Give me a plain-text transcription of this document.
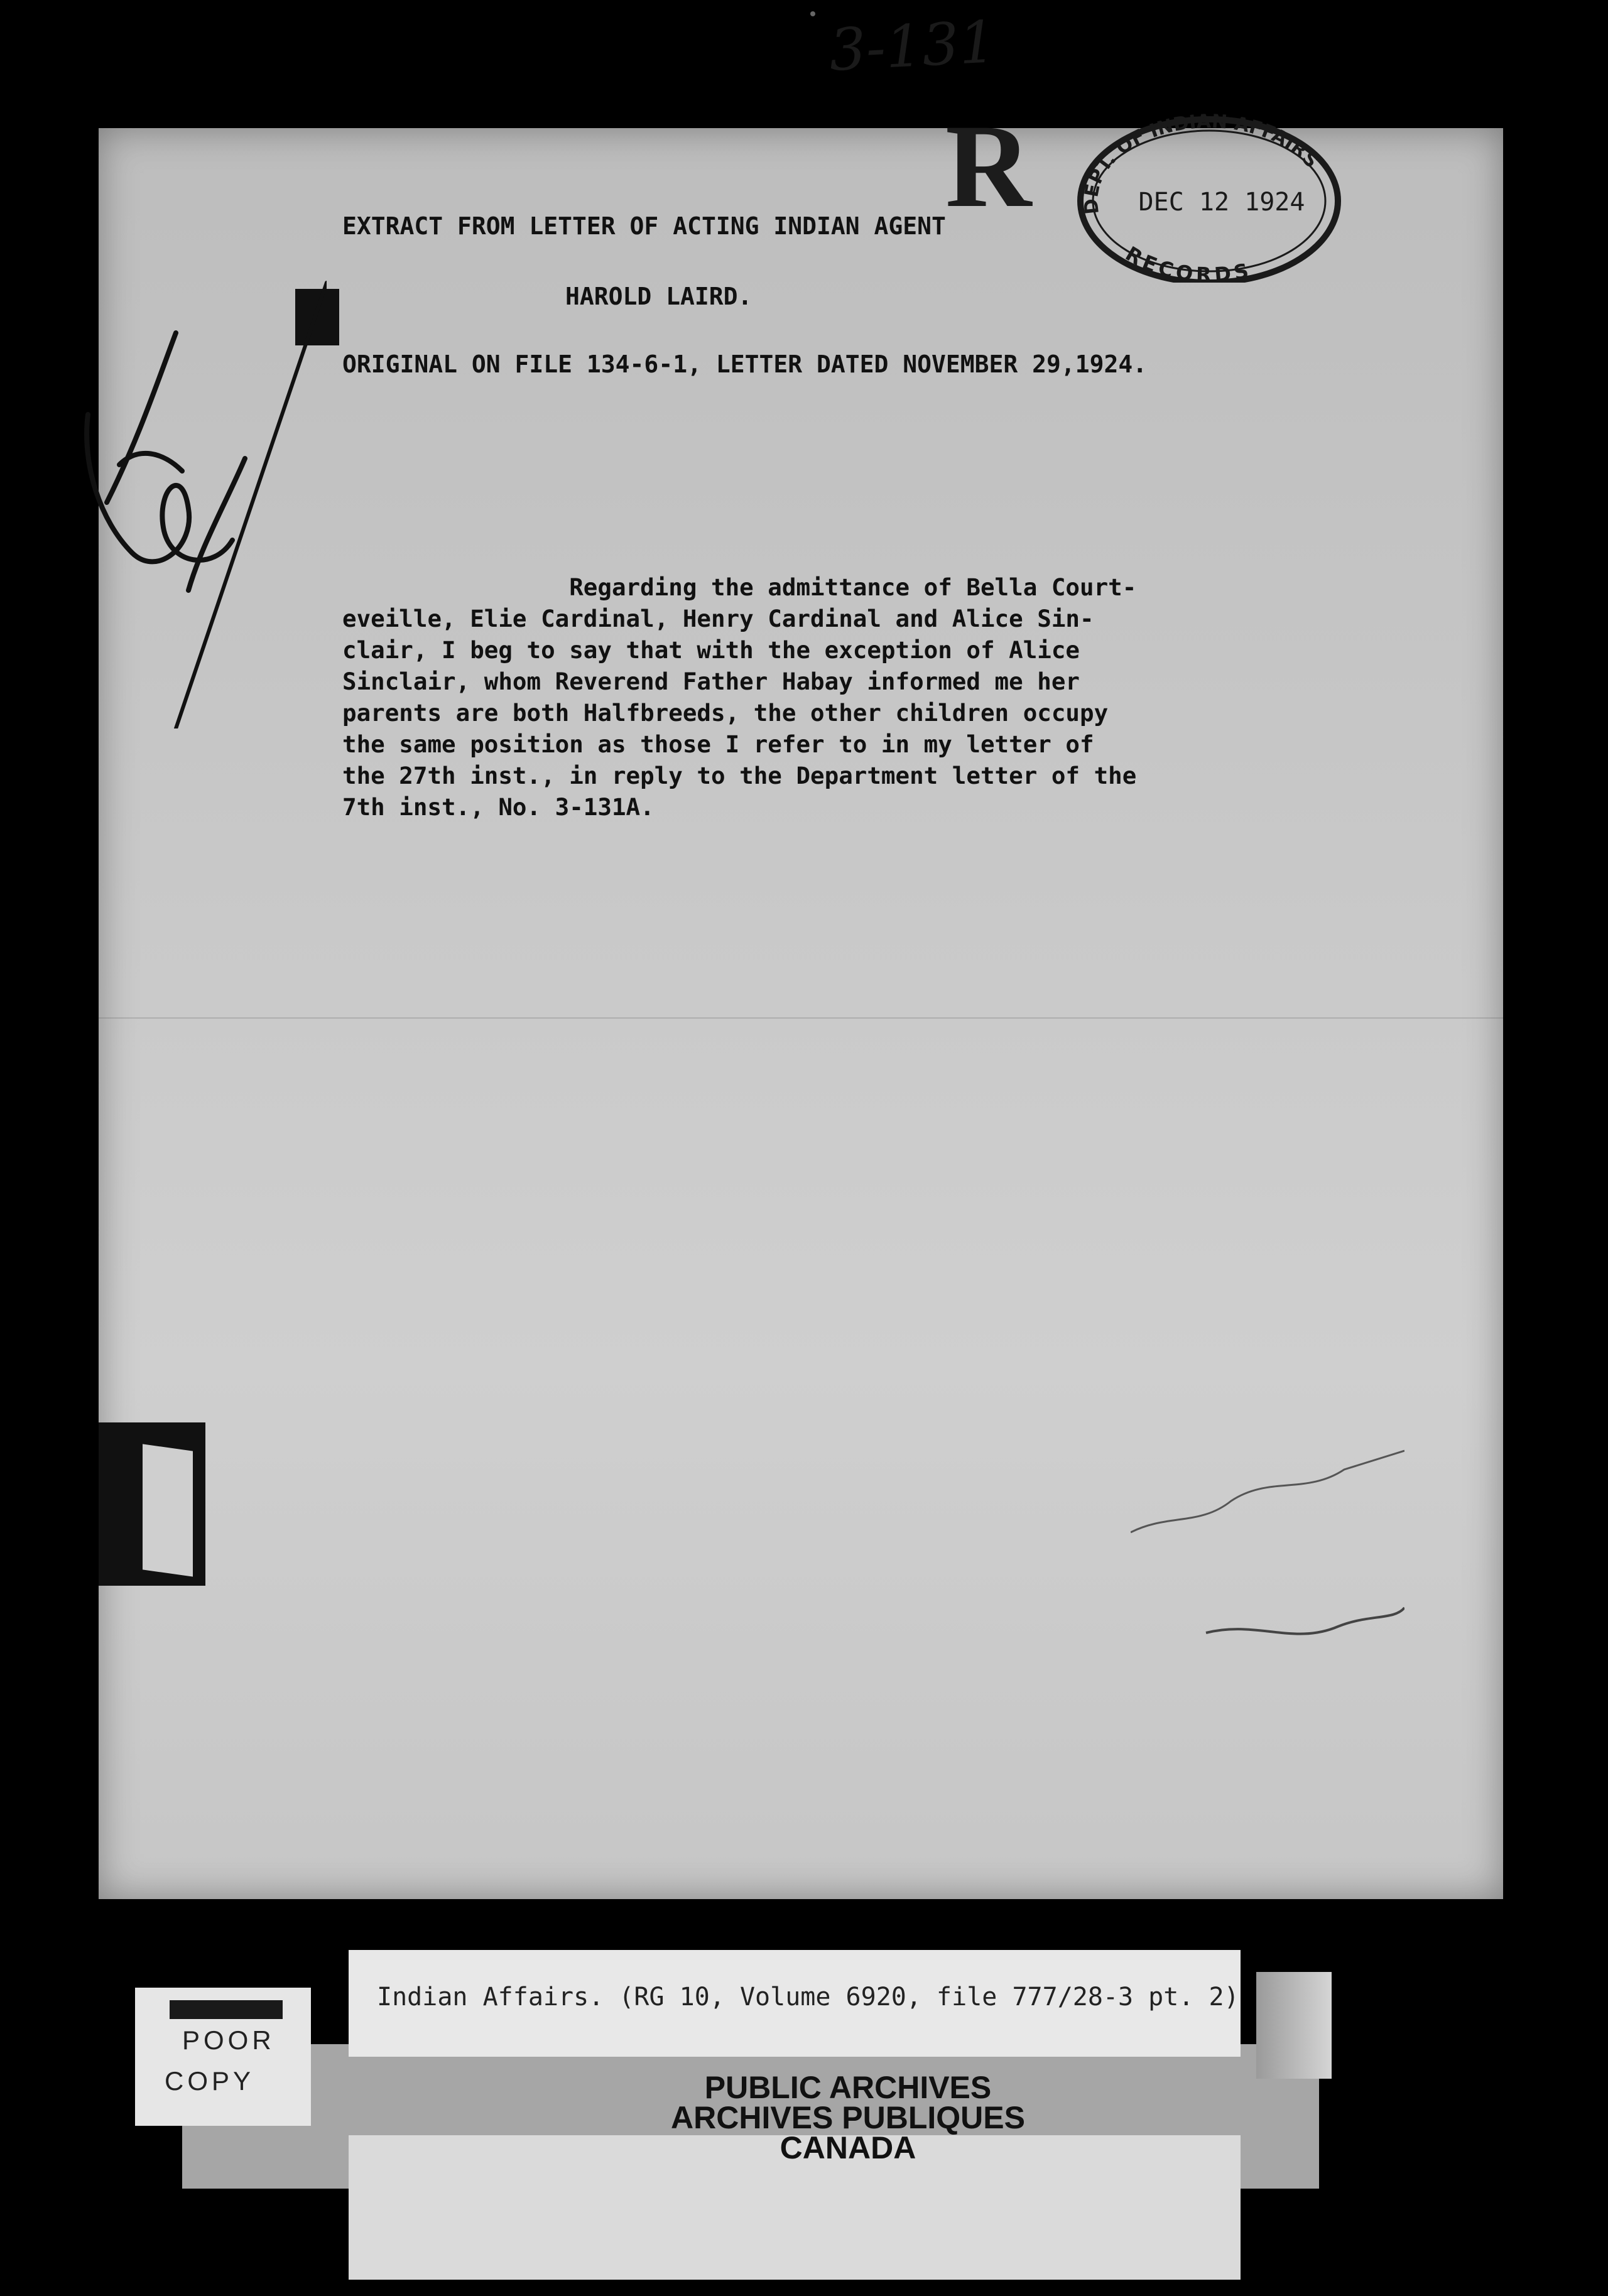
3-131
R	DEPT. OF INDIAN AFFAIRS
DEC 12 1924
RECORDS
EXTRACT FROM LETTER OF ACTING INDIAN AGENT
HAROLD LAIRD.
ORIGINAL ON FILE 134-6-1, LETTER DATED NOVEMBER 29,1924.
Indian Affairs. (RG 10, Volume 6920, file 777/28-3 pt. 2)
POOR
COPY	PUBLIC ARCHIVES
ARCHIVES PUBLIQUES
CANADA
Regarding the admittance of Bella Court-
eveille, Elie Cardinal, Henry Cardinal and Alice Sin-
clair, I beg to say that with the exception of Alice
Sinclair, whom Reverend Father Habay informed me her
parents are both Halfbreeds, the other children occupy
the same position as those I refer to in my letter of
the 27th inst., in reply to the Department letter of the
7th inst., No. 3-131A.
